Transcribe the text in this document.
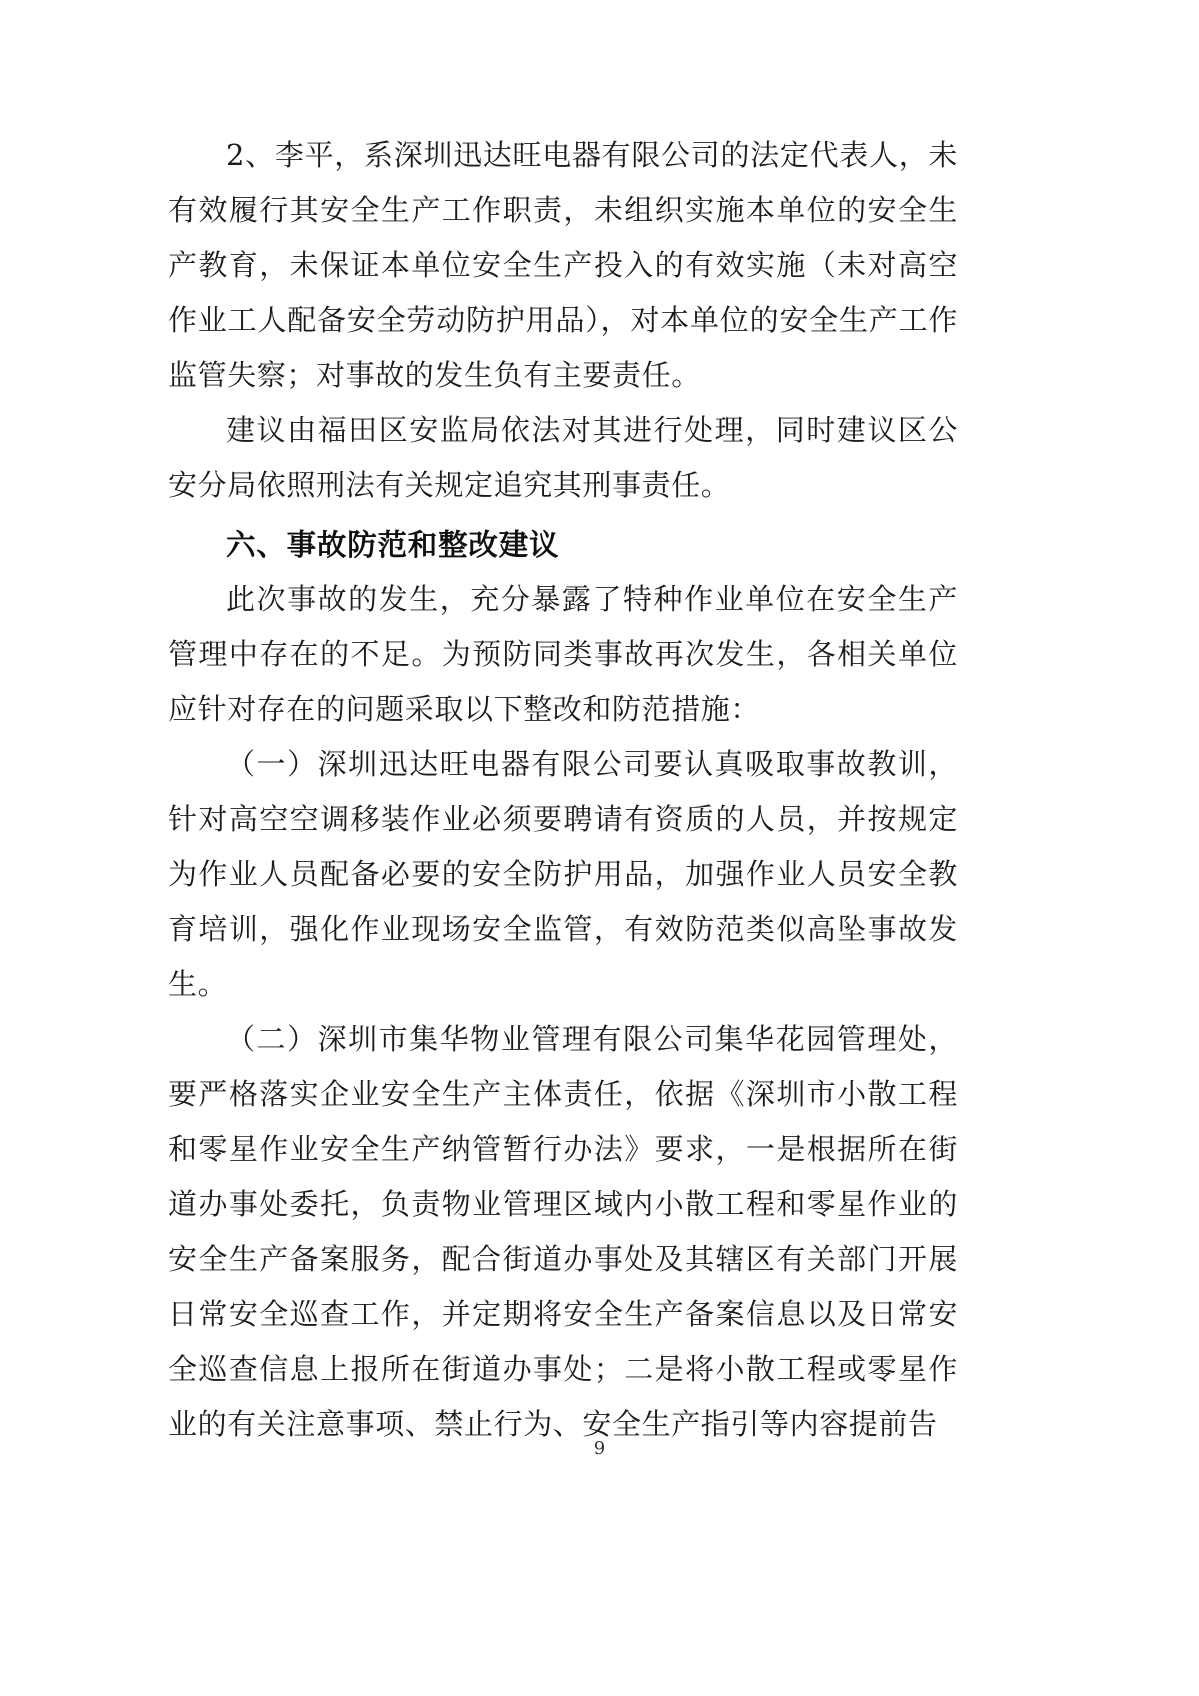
2、李平，系深圳迅达旺电器有限公司的法定代表人，未有效履行其安全生产工作职责，未组织实施本单位的安全生产教育，未保证本单位安全生产投入的有效实施（未对高空作业工人配备安全劳动防护用品），对本单位的安全生产工作监管失察；对事故的发生负有主要责任。

建议由福田区安监局依法对其进行处理，同时建议区公安分局依照刑法有关规定追究其刑事责任。

六、事故防范和整改建议

此次事故的发生，充分暴露了特种作业单位在安全生产管理中存在的不足。为预防同类事故再次发生，各相关单位应针对存在的问题采取以下整改和防范措施：

（一）深圳迅达旺电器有限公司要认真吸取事故教训，针对高空空调移装作业必须要聘请有资质的人员，并按规定为作业人员配备必要的安全防护用品，加强作业人员安全教育培训，强化作业现场安全监管，有效防范类似高坠事故发生。

（二）深圳市集华物业管理有限公司集华花园管理处，要严格落实企业安全生产主体责任，依据《深圳市小散工程和零星作业安全生产纳管暂行办法》要求，一是根据所在街道办事处委托，负责物业管理区域内小散工程和零星作业的安全生产备案服务，配合街道办事处及其辖区有关部门开展日常安全巡查工作，并定期将安全生产备案信息以及日常安全巡查信息上报所在街道办事处；二是将小散工程或零星作业的有关注意事项、禁止行为、安全生产指引等内容提前告

9
